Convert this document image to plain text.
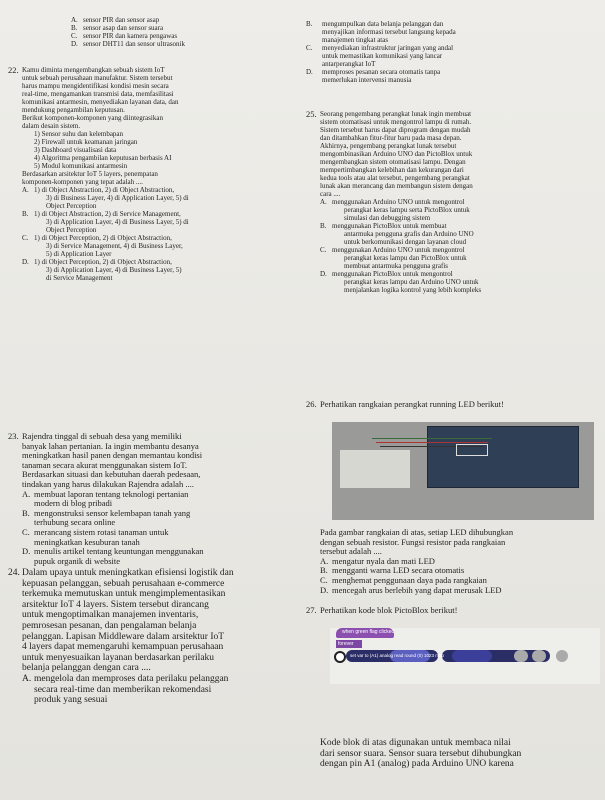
A. sensor PIR dan sensor asap
B. sensor asap dan sensor suara
C. sensor PIR dan kamera pengawas
D. sensor DHT11 dan sensor ultrasonik
22. Kamu diminta mengembangkan sebuah sistem IoT
untuk sebuah perusahaan manufaktur. Sistem tersebut
harus mampu mengidentifikasi kondisi mesin secara
real-time, mengamankan transmisi data, memfasilitasi
komunikasi antarmesin, menyediakan layanan data, dan
mendukung pengambilan keputusan.
Berikut komponen-komponen yang diintegrasikan
dalam desain sistem.
1) Sensor suhu dan kelembapan
2) Firewall untuk keamanan jaringan
3) Dashboard visualisasi data
4) Algoritma pengambilan keputusan berbasis AI
5) Modul komunikasi antarmesin
Berdasarkan arsitektur IoT 5 layers, penempatan
komponen-komponen yang tepat adalah ....
A. 1) di Object Abstraction, 2) di Object Abstraction,
3) di Business Layer, 4) di Application Layer, 5) di
Object Perception
B. 1) di Object Abstraction, 2) di Service Management,
3) di Application Layer, 4) di Business Layer, 5) di
Object Perception
C. 1) di Object Perception, 2) di Object Abstraction,
3) di Service Management, 4) di Business Layer,
5) di Application Layer
D. 1) di Object Perception, 2) di Object Abstraction,
3) di Application Layer, 4) di Business Layer, 5)
di Service Management
23. Rajendra tinggal di sebuah desa yang memiliki
banyak lahan pertanian. Ia ingin membantu desanya
meningkatkan hasil panen dengan memantau kondisi
tanaman secara akurat menggunakan sistem IoT.
Berdasarkan situasi dan kebutuhan daerah pedesaan,
tindakan yang harus dilakukan Rajendra adalah ....
A. membuat laporan tentang teknologi pertanian
modern di blog pribadi
B. mengonstruksi sensor kelembapan tanah yang
terhubung secara online
C. merancang sistem rotasi tanaman untuk
meningkatkan kesuburan tanah
D. menulis artikel tentang keuntungan menggunakan
pupuk organik di website
24. Dalam upaya untuk meningkatkan efisiensi logistik dan
kepuasan pelanggan, sebuah perusahaan e-commerce
terkemuka memutuskan untuk mengimplementasikan
arsitektur IoT 4 layers. Sistem tersebut dirancang
untuk mengoptimalkan manajemen inventaris,
pemrosesan pesanan, dan pengalaman belanja
pelanggan. Lapisan Middleware dalam arsitektur IoT
4 layers dapat memengaruhi kemampuan perusahaan
untuk menyesuaikan layanan berdasarkan perilaku
belanja pelanggan dengan cara ....
A. mengelola dan memproses data perilaku pelanggan
secara real-time dan memberikan rekomendasi
produk yang sesuai
B. mengumpulkan data belanja pelanggan dan
menyajikan informasi tersebut langsung kepada
manajemen tingkat atas
C. menyediakan infrastruktur jaringan yang andal
untuk memastikan komunikasi yang lancar
antarperangkat IoT
D. memproses pesanan secara otomatis tanpa
memerlukan intervensi manusia
25. Seorang pengembang perangkat lunak ingin membuat
sistem otomatisasi untuk mengontrol lampu di rumah.
Sistem tersebut harus dapat diprogram dengan mudah
dan ditambahkan fitur-fitur baru pada masa depan.
Akhirnya, pengembang perangkat lunak tersebut
mengombinasikan Arduino UNO dan PictoBlox untuk
mengembangkan sistem otomatisasi lampu. Dengan
mempertimbangkan kelebihan dan kekurangan dari
kedua tools atau alat tersebut, pengembang perangkat
lunak akan merancang dan membangun sistem dengan
cara ....
A. menggunakan Arduino UNO untuk mengontrol
perangkat keras lampu serta PictoBlox untuk
simulasi dan debugging sistem
B. menggunakan PictoBlox untuk membuat
antarmuka pengguna grafis dan Arduino UNO
untuk berkomunikasi dengan layanan cloud
C. menggunakan Arduino UNO untuk mengontrol
perangkat keras lampu dan PictoBlox untuk
membuat antarmuka pengguna grafis
D. menggunakan PictoBlox untuk mengontrol
perangkat keras lampu dan Arduino UNO untuk
menjalankan logika kontrol yang lebih kompleks
26. Perhatikan rangkaian perangkat running LED berikut!
Pada gambar rangkaian di atas, setiap LED dihubungkan
dengan sebuah resistor. Fungsi resistor pada rangkaian
tersebut adalah ....
A. mengatur nyala dan mati LED
B. mengganti warna LED secara otomatis
C. menghemat penggunaan daya pada rangkaian
D. mencegah arus berlebih yang dapat merusak LED
27. Perhatikan kode blok PictoBlox berikut!
Kode blok di atas digunakan untuk membaca nilai
dari sensor suara. Sensor suara tersebut dihubungkan
dengan pin A1 (analog) pada Arduino UNO karena
when green flag clicked
forever
set var to (A1) analog read round (0) 1023 map
